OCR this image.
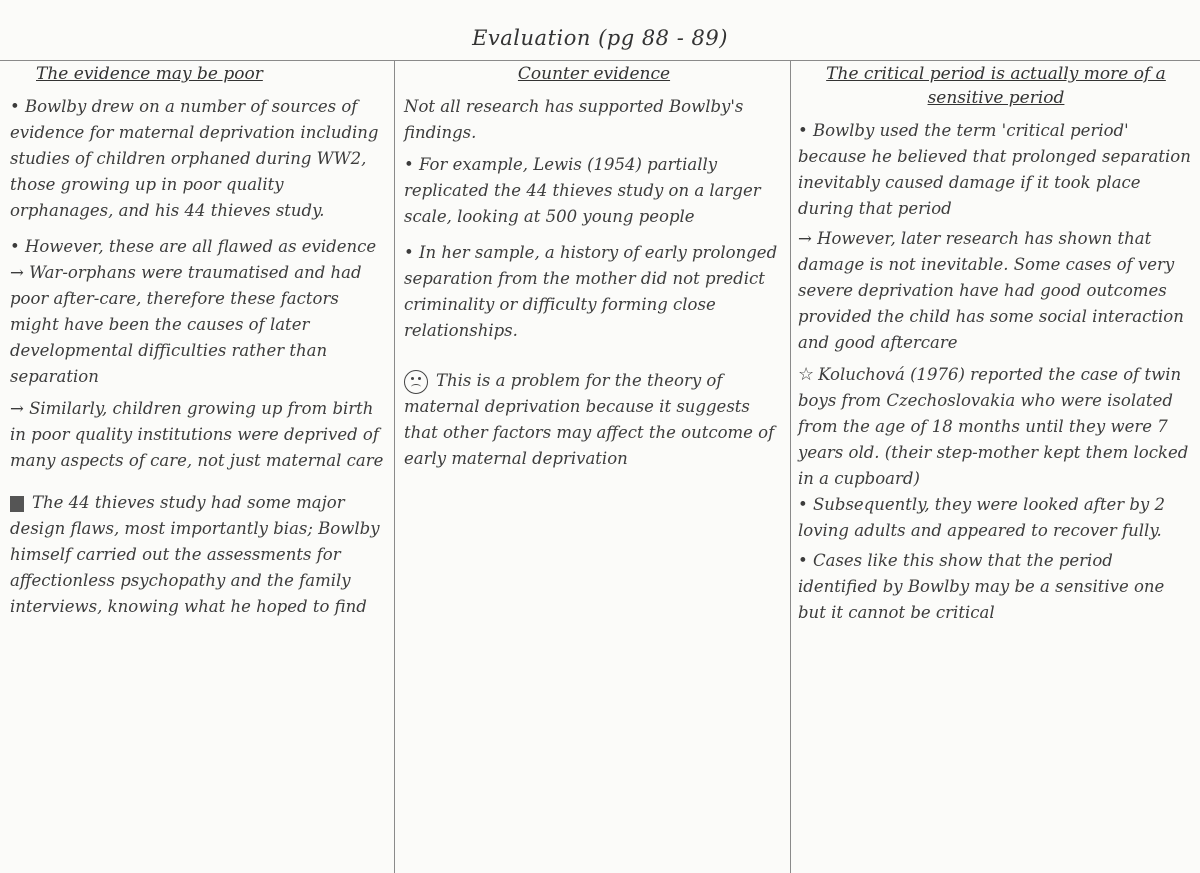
Evaluation (pg 88 - 89)

The evidence may be poor

• Bowlby drew on a number of sources of evidence for maternal deprivation including studies of children orphaned during WW2, those growing up in poor quality orphanages, and his 44 thieves study.

• However, these are all flawed as evidence

→ War-orphans were traumatised and had poor after-care, therefore these factors might have been the causes of later developmental difficulties rather than separation

→ Similarly, children growing up from birth in poor quality institutions were deprived of many aspects of care, not just maternal care

The 44 thieves study had some major design flaws, most importantly bias; Bowlby himself carried out the assessments for affectionless psychopathy and the family interviews, knowing what he hoped to find

Counter evidence

Not all research has supported Bowlby's findings.

• For example, Lewis (1954) partially replicated the 44 thieves study on a larger scale, looking at 500 young people

• In her sample, a history of early prolonged separation from the mother did not predict criminality or difficulty forming close relationships.

This is a problem for the theory of maternal deprivation because it suggests that other factors may affect the outcome of early maternal deprivation

The critical period is actually more of a
sensitive period

• Bowlby used the term 'critical period' because he believed that prolonged separation inevitably caused damage if it took place during that period

→ However, later research has shown that damage is not inevitable. Some cases of very severe deprivation have had good outcomes provided the child has some social interaction and good aftercare

☆ Koluchová (1976) reported the case of twin boys from Czechoslovakia who were isolated from the age of 18 months until they were 7 years old. (their step-mother kept them locked in a cupboard)

• Subsequently, they were looked after by 2 loving adults and appeared to recover fully.

• Cases like this show that the period identified by Bowlby may be a sensitive one but it cannot be critical
